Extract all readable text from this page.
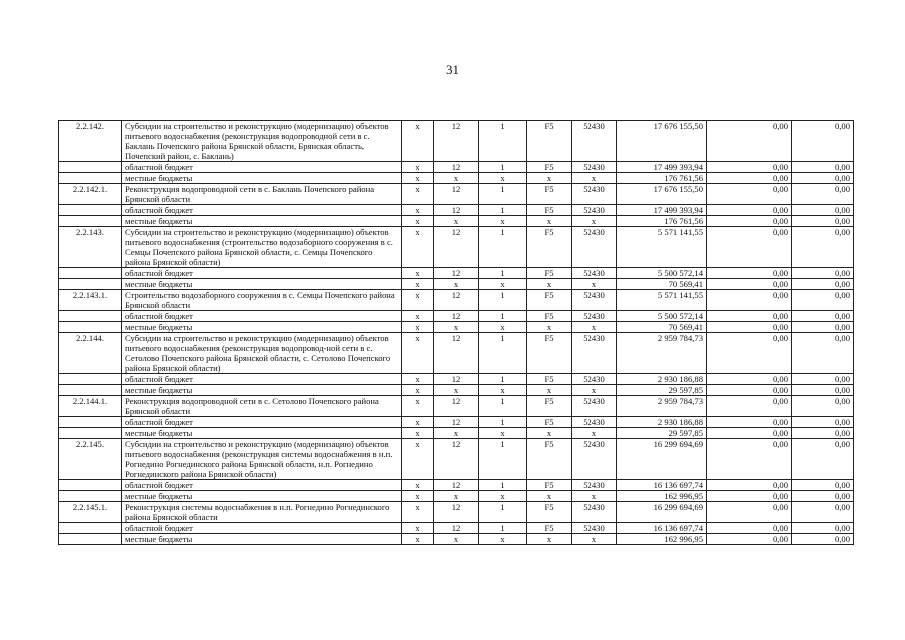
31
2.2.142.	Субсидии на строительство и реконструкцию (модернизацию) объектов питьевого водоснабжения (реконструкция водопроводной сети в с. Баклань Почепского района Брянской области, Брянская область, Почепский район, с. Баклань)	х	12	1	F5	52430	17 676 155,50	0,00	0,00
	областной бюджет	х	12	1	F5	52430	17 499 393,94	0,00	0,00
	местные бюджеты	х	х	х	х	х	176 761,56	0,00	0,00
2.2.142.1.	Реконструкция водопроводной сети в с. Баклань Почепского района Брянской области	х	12	1	F5	52430	17 676 155,50	0,00	0,00
	областной бюджет	х	12	1	F5	52430	17 499 393,94	0,00	0,00
	местные бюджеты	х	х	х	х	х	176 761,56	0,00	0,00
2.2.143.	Субсидии на строительство и реконструкцию (модернизацию) объектов питьевого водоснабжения (строительство водозаборного сооружения в с. Семцы Почепского района Брянской области, с. Семцы Почепского района Брянской области)	х	12	1	F5	52430	5 571 141,55	0,00	0,00
	областной бюджет	х	12	1	F5	52430	5 500 572,14	0,00	0,00
	местные бюджеты	х	х	х	х	х	70 569,41	0,00	0,00
2.2.143.1.	Строительство водозаборного сооружения в с. Семцы Почепского района Брянской области	х	12	1	F5	52430	5 571 141,55	0,00	0,00
	областной бюджет	х	12	1	F5	52430	5 500 572,14	0,00	0,00
	местные бюджеты	х	х	х	х	х	70 569,41	0,00	0,00
2.2.144.	Субсидии на строительство и реконструкцию (модернизацию) объектов питьевого водоснабжения (реконструкция водопровод-ной сети в с. Сетолово Почепского района Брянской области, с. Сетолово Почепского района Брянской области)	х	12	1	F5	52430	2 959 784,73	0,00	0,00
	областной бюджет	х	12	1	F5	52430	2 930 186,88	0,00	0,00
	местные бюджеты	х	х	х	х	х	29 597,85	0,00	0,00
2.2.144.1.	Реконструкция водопроводной сети в с. Сетолово Почепского района Брянской области	х	12	1	F5	52430	2 959 784,73	0,00	0,00
	областной бюджет	х	12	1	F5	52430	2 930 186,88	0,00	0,00
	местные бюджеты	х	х	х	х	х	29 597,85	0,00	0,00
2.2.145.	Субсидии на строительство и реконструкцию (модернизацию) объектов питьевого водоснабжения (реконструкция системы водоснабжения в н.п. Рогнедино Рогнединского района Брянской области, н.п. Рогнедино Рогнединского района Брянской области)	х	12	1	F5	52430	16 299 694,69	0,00	0,00
	областной бюджет	х	12	1	F5	52430	16 136 697,74	0,00	0,00
	местные бюджеты	х	х	х	х	х	162 996,95	0,00	0,00
2.2.145.1.	Реконструкция системы водоснабжения в н.п. Рогнедино Рогнединского района Брянской области	х	12	1	F5	52430	16 299 694,69	0,00	0,00
	областной бюджет	х	12	1	F5	52430	16 136 697,74	0,00	0,00
	местные бюджеты	х	х	х	х	х	162 996,95	0,00	0,00
